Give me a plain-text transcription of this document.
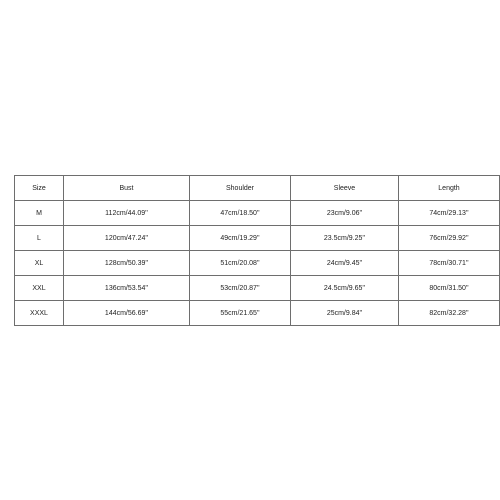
Size	Bust	Shoulder	Sleeve	Length
M	112cm/44.09''	47cm/18.50''	23cm/9.06''	74cm/29.13''
L	120cm/47.24''	49cm/19.29''	23.5cm/9.25''	76cm/29.92''
XL	128cm/50.39''	51cm/20.08''	24cm/9.45''	78cm/30.71''
XXL	136cm/53.54''	53cm/20.87''	24.5cm/9.65''	80cm/31.50''
XXXL	144cm/56.69''	55cm/21.65''	25cm/9.84''	82cm/32.28''
